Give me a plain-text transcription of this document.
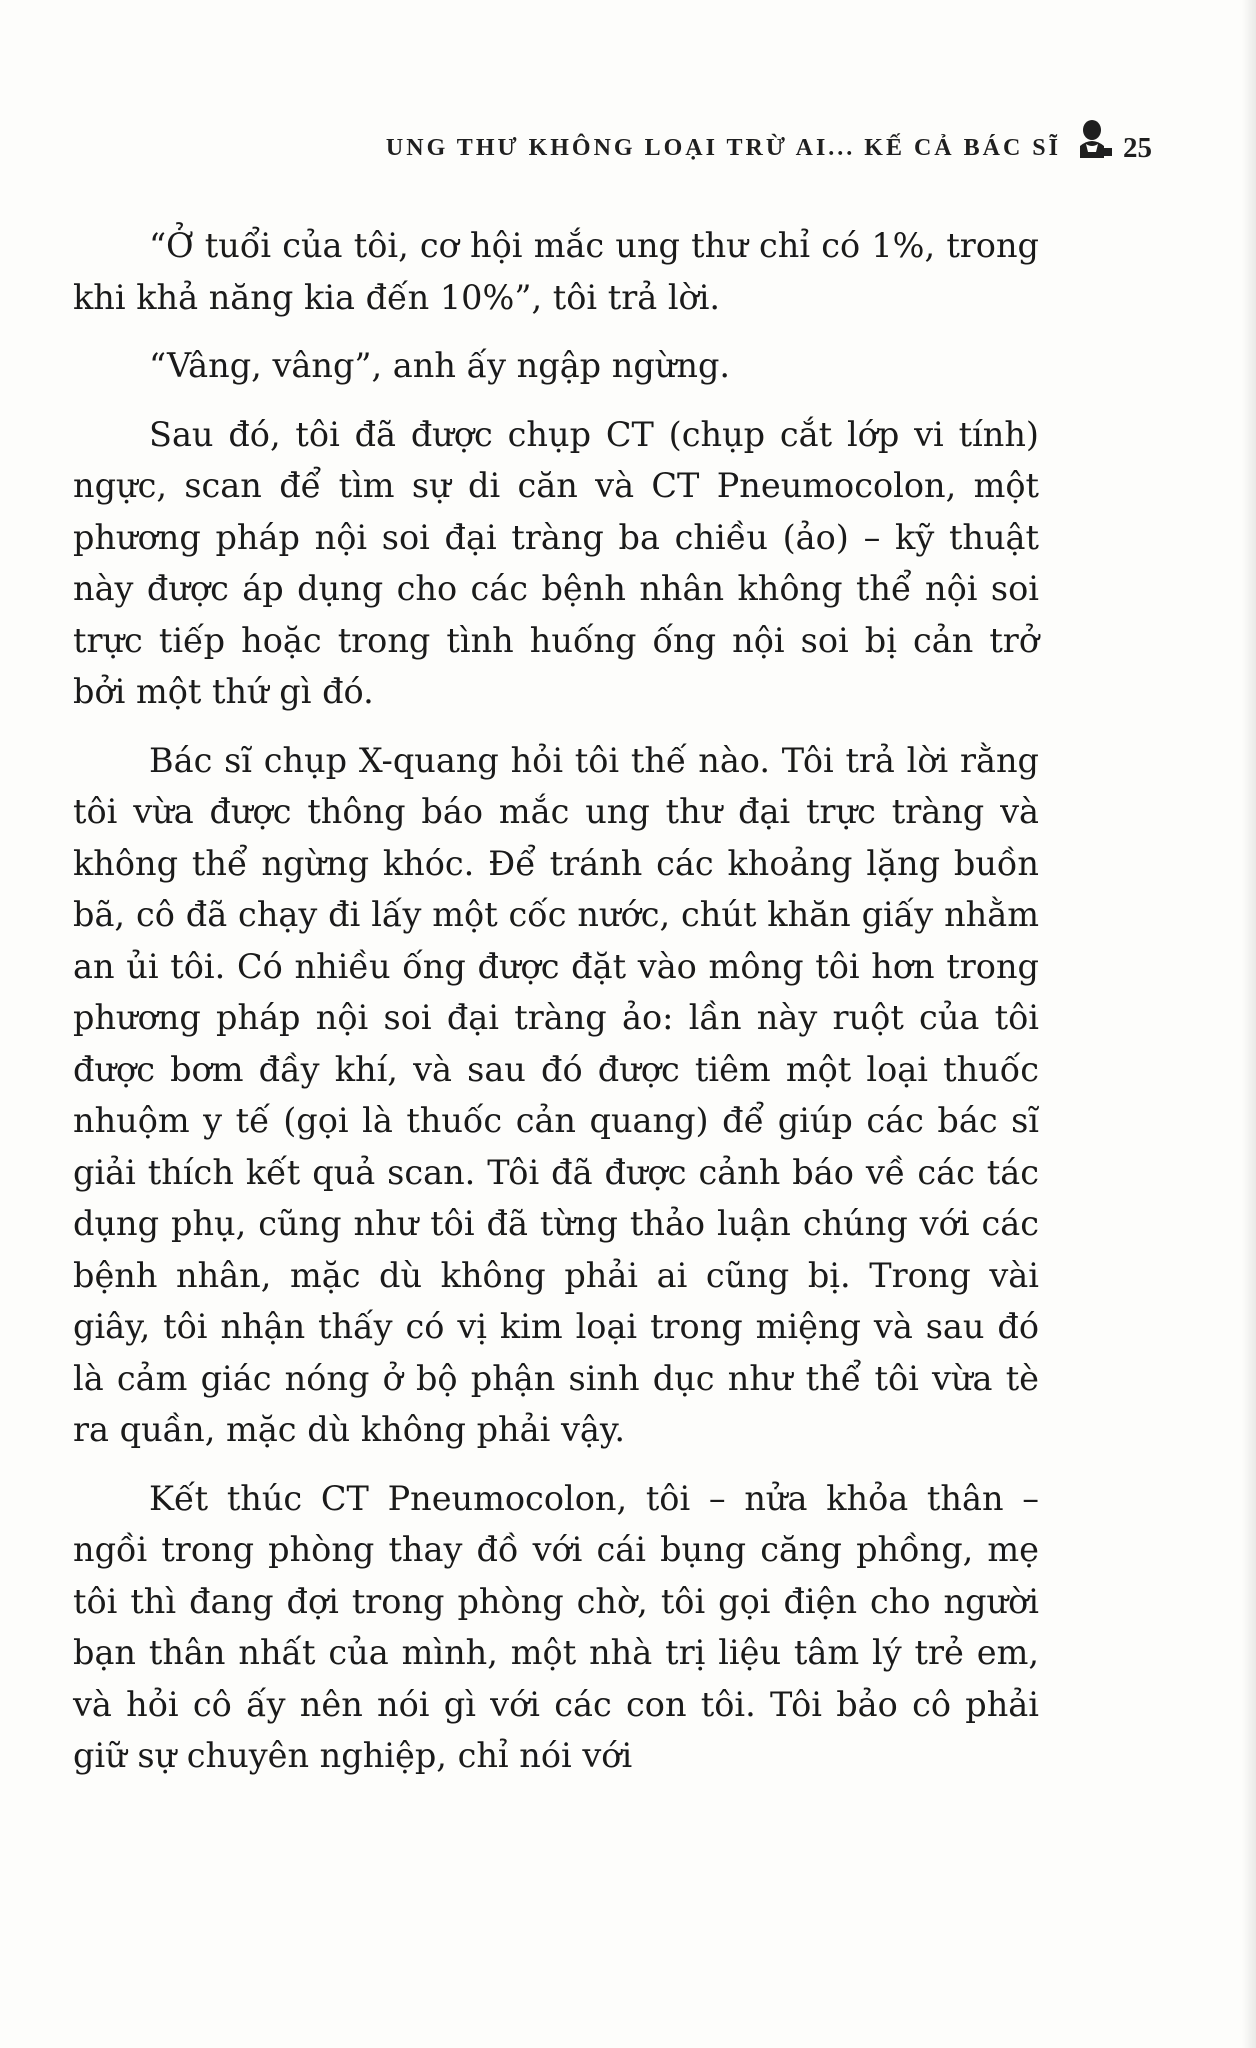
UNG THƯ KHÔNG LOẠI TRỪ AI... KẾ CẢ BÁC SĨ 25

“Ở tuổi của tôi, cơ hội mắc ung thư chỉ có 1%, trong khi khả năng kia đến 10%”, tôi trả lời.

“Vâng, vâng”, anh ấy ngập ngừng.

Sau đó, tôi đã được chụp CT (chụp cắt lớp vi tính) ngực, scan để tìm sự di căn và CT Pneumocolon, một phương pháp nội soi đại tràng ba chiều (ảo) – kỹ thuật này được áp dụng cho các bệnh nhân không thể nội soi trực tiếp hoặc trong tình huống ống nội soi bị cản trở bởi một thứ gì đó.

Bác sĩ chụp X-quang hỏi tôi thế nào. Tôi trả lời rằng tôi vừa được thông báo mắc ung thư đại trực tràng và không thể ngừng khóc. Để tránh các khoảng lặng buồn bã, cô đã chạy đi lấy một cốc nước, chút khăn giấy nhằm an ủi tôi. Có nhiều ống được đặt vào mông tôi hơn trong phương pháp nội soi đại tràng ảo: lần này ruột của tôi được bơm đầy khí, và sau đó được tiêm một loại thuốc nhuộm y tế (gọi là thuốc cản quang) để giúp các bác sĩ giải thích kết quả scan. Tôi đã được cảnh báo về các tác dụng phụ, cũng như tôi đã từng thảo luận chúng với các bệnh nhân, mặc dù không phải ai cũng bị. Trong vài giây, tôi nhận thấy có vị kim loại trong miệng và sau đó là cảm giác nóng ở bộ phận sinh dục như thể tôi vừa tè ra quần, mặc dù không phải vậy.

Kết thúc CT Pneumocolon, tôi – nửa khỏa thân – ngồi trong phòng thay đồ với cái bụng căng phồng, mẹ tôi thì đang đợi trong phòng chờ, tôi gọi điện cho người bạn thân nhất của mình, một nhà trị liệu tâm lý trẻ em, và hỏi cô ấy nên nói gì với các con tôi. Tôi bảo cô phải giữ sự chuyên nghiệp, chỉ nói với
